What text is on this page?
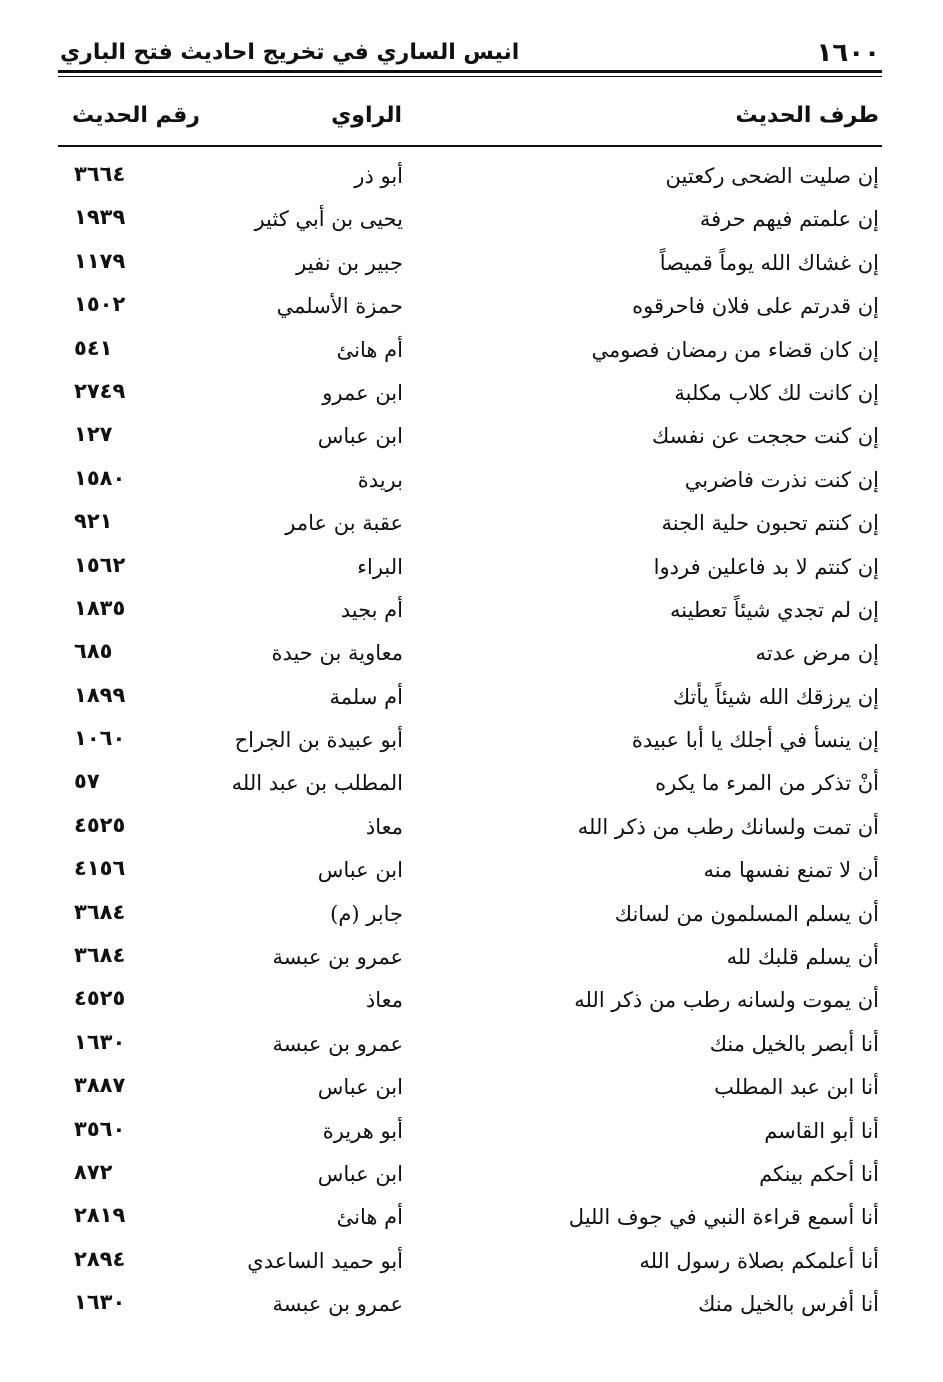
١٦٠٠
انيس الساري في تخريج احاديث فتح الباري
طرف الحديث
الراوي
رقم الحديث
إن صليت الضحى ركعتين
أبو ذر
٣٦٦٤
إن علمتم فيهم حرفة
يحيى بن أبي كثير
١٩٣٩
إن غشاك الله يوماً قميصاً
جبير بن نفير
١١٧٩
إن قدرتم على فلان فاحرقوه
حمزة الأسلمي
١٥٠٢
إن كان قضاء من رمضان فصومي
أم هانئ
٥٤١
إن كانت لك كلاب مكلبة
ابن عمرو
٢٧٤٩
إن كنت حججت عن نفسك
ابن عباس
١٢٧
إن كنت نذرت فاضربي
بريدة
١٥٨٠
إن كنتم تحبون حلية الجنة
عقبة بن عامر
٩٢١
إن كنتم لا بد فاعلين فردوا
البراء
١٥٦٢
إن لم تجدي شيئاً تعطينه
أم بجيد
١٨٣٥
إن مرض عدته
معاوية بن حيدة
٦٨٥
إن يرزقك الله شيئاً يأتك
أم سلمة
١٨٩٩
إن ينسأ في أجلك يا أبا عبيدة
أبو عبيدة بن الجراح
١٠٦٠
أنْ تذكر من المرء ما يكره
المطلب بن عبد الله
٥٧
أن تمت ولسانك رطب من ذكر الله
معاذ
٤٥٢٥
أن لا تمنع نفسها منه
ابن عباس
٤١٥٦
أن يسلم المسلمون من لسانك
جابر (م)
٣٦٨٤
أن يسلم قلبك لله
عمرو بن عبسة
٣٦٨٤
أن يموت ولسانه رطب من ذكر الله
معاذ
٤٥٢٥
أنا أبصر بالخيل منك
عمرو بن عبسة
١٦٣٠
أنا ابن عبد المطلب
ابن عباس
٣٨٨٧
أنا أبو القاسم
أبو هريرة
٣٥٦٠
أنا أحكم بينكم
ابن عباس
٨٧٢
أنا أسمع قراءة النبي في جوف الليل
أم هانئ
٢٨١٩
أنا أعلمكم بصلاة رسول الله
أبو حميد الساعدي
٢٨٩٤
أنا أفرس بالخيل منك
عمرو بن عبسة
١٦٣٠
